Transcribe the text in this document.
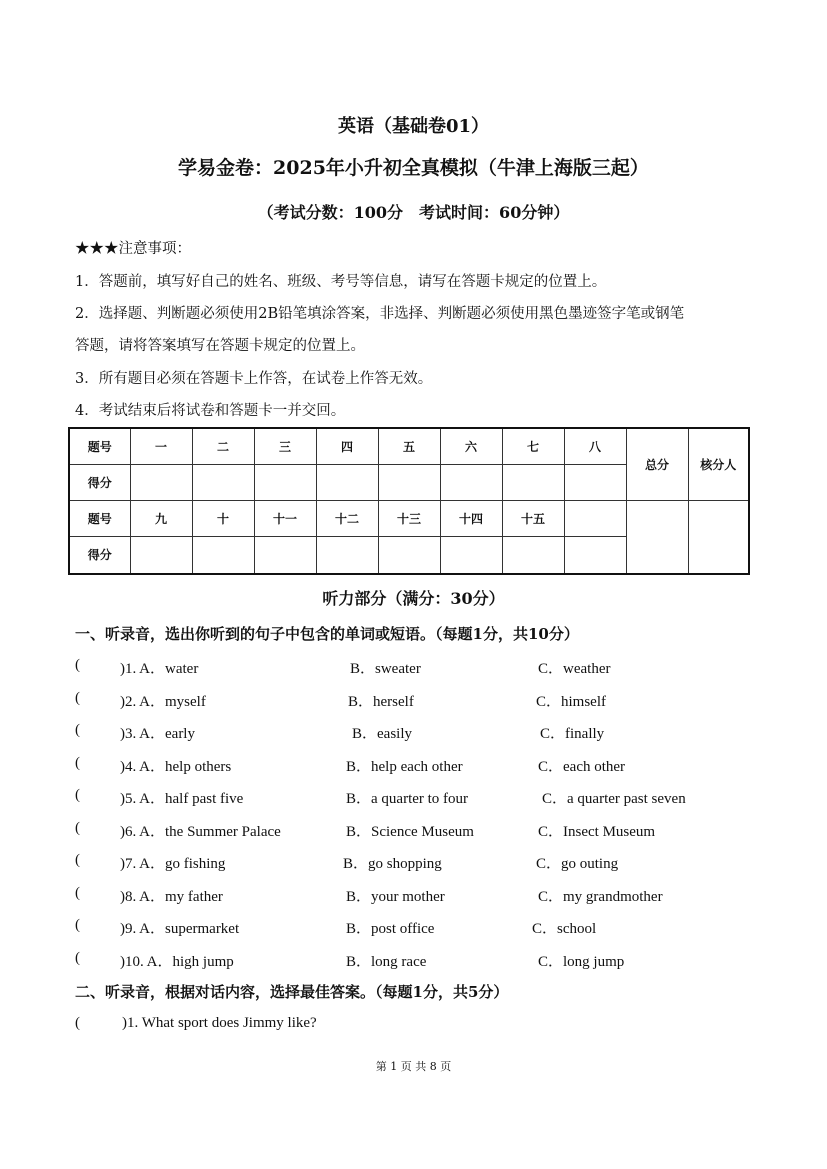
英语（基础卷01）
学易金卷：2025年小升初全真模拟（牛津上海版三起）
（考试分数：100分　考试时间：60分钟）
★★★注意事项：
1．答题前，填写好自己的姓名、班级、考号等信息，请写在答题卡规定的位置上。
2．选择题、判断题必须使用2B铅笔填涂答案，非选择、判断题必须使用黑色墨迹签字笔或钢笔
答题，请将答案填写在答题卡规定的位置上。
3．所有题目必须在答题卡上作答，在试卷上作答无效。
4．考试结束后将试卷和答题卡一并交回。
题号	一	二	三	四	五	六	七	八	总分	核分人
得分										
题号	九	十	十一	十二	十三	十四	十五			
得分										
听力部分（满分：30分）
一、听录音，选出你听到的句子中包含的单词或短语。（每题1分，共10分）
(	)1. A．water	B．sweater	C．weather
(	)2. A．myself	B．herself	C．himself
(	)3. A．early	B．easily	C．finally
(	)4. A．help others	B．help each other	C．each other
(	)5. A．half past five	B．a quarter to four	C．a quarter past seven
(	)6. A．the Summer Palace	B．Science Museum	C．Insect Museum
(	)7. A．go fishing	B．go shopping	C．go outing
(	)8. A．my father	B．your mother	C．my grandmother
(	)9. A．supermarket	B．post office	C．school
(	)10. A．high jump	B．long race	C．long jump
二、听录音，根据对话内容，选择最佳答案。（每题1分，共5分）
(	)1. What sport does Jimmy like?
第 1 页 共 8 页
